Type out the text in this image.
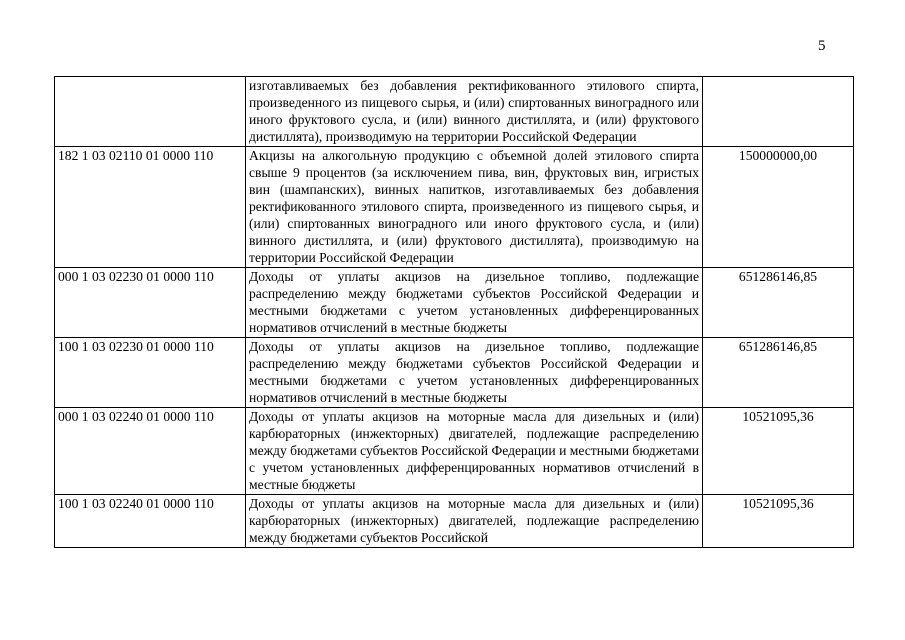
5
	изготавливаемых без добавления ректификованного этилового спирта, произведенного из пищевого сырья, и (или) спиртованных виноградного или иного фруктового сусла, и (или) винного дистиллята, и (или) фруктового дистиллята), производимую на территории Российской Федерации	
182 1 03 02110 01 0000 110	Акцизы на алкогольную продукцию с объемной долей этилового спирта свыше 9 процентов (за исключением пива, вин, фруктовых вин, игристых вин (шампанских), винных напитков, изготавливаемых без добавления ректификованного этилового спирта, произведенного из пищевого сырья, и (или) спиртованных виноградного или иного фруктового сусла, и (или) винного дистиллята, и (или) фруктового дистиллята), производимую на территории Российской Федерации	150000000,00
000 1 03 02230 01 0000 110	Доходы от уплаты акцизов на дизельное топливо, подлежащие распределению между бюджетами субъектов Российской Федерации и местными бюджетами с учетом установленных дифференцированных нормативов отчислений в местные бюджеты	651286146,85
100 1 03 02230 01 0000 110	Доходы от уплаты акцизов на дизельное топливо, подлежащие распределению между бюджетами субъектов Российской Федерации и местными бюджетами с учетом установленных дифференцированных нормативов отчислений в местные бюджеты	651286146,85
000 1 03 02240 01 0000 110	Доходы от уплаты акцизов на моторные масла для дизельных и (или) карбюраторных (инжекторных) двигателей, подлежащие распределению между бюджетами субъектов Российской Федерации и местными бюджетами с учетом установленных дифференцированных нормативов отчислений в местные бюджеты	10521095,36
100 1 03 02240 01 0000 110	Доходы от уплаты акцизов на моторные масла для дизельных и (или) карбюраторных (инжекторных) двигателей, подлежащие распределению между бюджетами субъектов Российской	10521095,36
